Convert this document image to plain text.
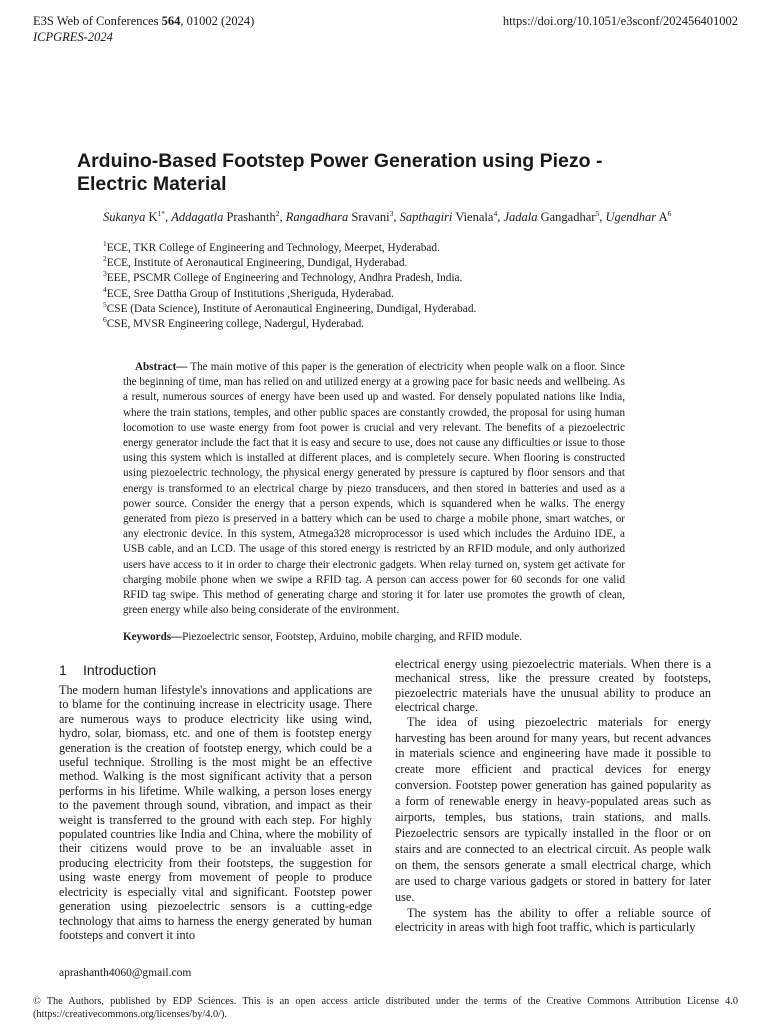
E3S Web of Conferences 564, 01002 (2024)
ICPGRES-2024
https://doi.org/10.1051/e3sconf/202456401002
Arduino-Based Footstep Power Generation using Piezo - Electric Material
Sukanya $K^{1*}$, Addagatla Prashanth$^2$, Rangadhara Sravani$^3$, Sapthagiri Vienala$^4$, Jadala Gangadhar$^5$, Ugendhar $A^6$
$^1$ECE, TKR College of Engineering and Technology, Meerpet, Hyderabad.
$^2$ECE, Institute of Aeronautical Engineering, Dundigal, Hyderabad.
$^3$EEE, PSCMR College of Engineering and Technology, Andhra Pradesh, India.
$^4$ECE, Sree Dattha Group of Institutions ,Sheriguda, Hyderabad.
$^5$CSE (Data Science), Institute of Aeronautical Engineering, Dundigal, Hyderabad.
$^6$CSE, MVSR Engineering college, Nadergul, Hyderabad.

Abstract— The main motive of this paper is the generation of electricity when people walk on a floor. Since the beginning of time, man has relied on and utilized energy at a growing pace for basic needs and wellbeing. As a result, numerous sources of energy have been used up and wasted. For densely populated nations like India, where the train stations, temples, and other public spaces are constantly crowded, the proposal for using human locomotion to use waste energy from foot power is crucial and very relevant. The benefits of a piezoelectric energy generator include the fact that it is easy and secure to use, does not cause any difficulties or issue to those using this system which is installed at different places, and is completely secure. When flooring is constructed using piezoelectric technology, the physical energy generated by pressure is captured by floor sensors and that energy is transformed to an electrical charge by piezo transducers, and then stored in batteries and used as a power source. Consider the energy that a person expends, which is squandered when he walks. The energy generated from piezo is preserved in a battery which can be used to charge a mobile phone, smart watches, or any electronic device. In this system, Atmega328 microprocessor is used which includes the Arduino IDE, a USB cable, and an LCD. The usage of this stored energy is restricted by an RFID module, and only authorized users have access to it in order to charge their electronic gadgets. When relay turned on, system get activate for charging mobile phone when we swipe a RFID tag. A person can access power for 60 seconds for one valid RFID tag swipe. This method of generating charge and storing it for later use promotes the growth of clean, green energy while also being considerate of the environment.

Keywords—Piezoelectric sensor, Footstep, Arduino, mobile charging, and RFID module.
1 Introduction

The modern human lifestyle's innovations and applications are to blame for the continuing increase in electricity usage. There are numerous ways to produce electricity like using wind, hydro, solar, biomass, etc. and one of them is footstep energy generation is the creation of footstep energy, which could be a useful technique. Strolling is the most might be an effective method. Walking is the most significant activity that a person performs in his lifetime. While walking, a person loses energy to the pavement through sound, vibration, and impact as their weight is transferred to the ground with each step. For highly populated countries like India and China, where the mobility of their citizens would prove to be an invaluable asset in producing electricity from their footsteps, the suggestion for using waste energy from movement of people to produce electricity is especially vital and significant. Footstep power generation using piezoelectric sensors is a cutting-edge technology that aims to harness the energy generated by human footsteps and convert it into

electrical energy using piezoelectric materials. When there is a mechanical stress, like the pressure created by footsteps, piezoelectric materials have the unusual ability to produce an electrical charge.

The idea of using piezoelectric materials for energy harvesting has been around for many years, but recent advances in materials science and engineering have made it possible to create more efficient and practical devices for energy conversion. Footstep power generation has gained popularity as a form of renewable energy in heavy-populated areas such as airports, temples, bus stations, train stations, and malls. Piezoelectric sensors are typically installed in the floor or on stairs and are connected to an electrical circuit. As people walk on them, the sensors generate a small electrical charge, which are used to charge various gadgets or stored in battery for later use.

The system has the ability to offer a reliable source of electricity in areas with high foot traffic, which is particularly

aprashanth4060@gmail.com
© The Authors, published by EDP Sciences. This is an open access article distributed under the terms of the Creative Commons Attribution License 4.0 (https://creativecommons.org/licenses/by/4.0/).
